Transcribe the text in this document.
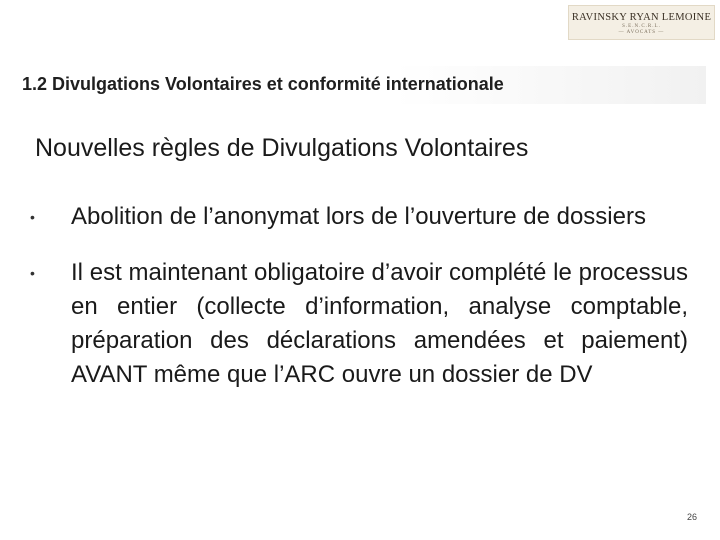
RAVINSKY RYAN LEMOINE
S.E.N.C.R.L.
— AVOCATS —
1.2 Divulgations Volontaires et conformité internationale
Nouvelles règles de Divulgations Volontaires
• Abolition de l’anonymat lors de l’ouverture de dossiers
• Il est maintenant obligatoire d’avoir complété le processus en entier (collecte d’information, analyse comptable, préparation des déclarations amendées et paiement) AVANT même que l’ARC ouvre un dossier de DV
26
